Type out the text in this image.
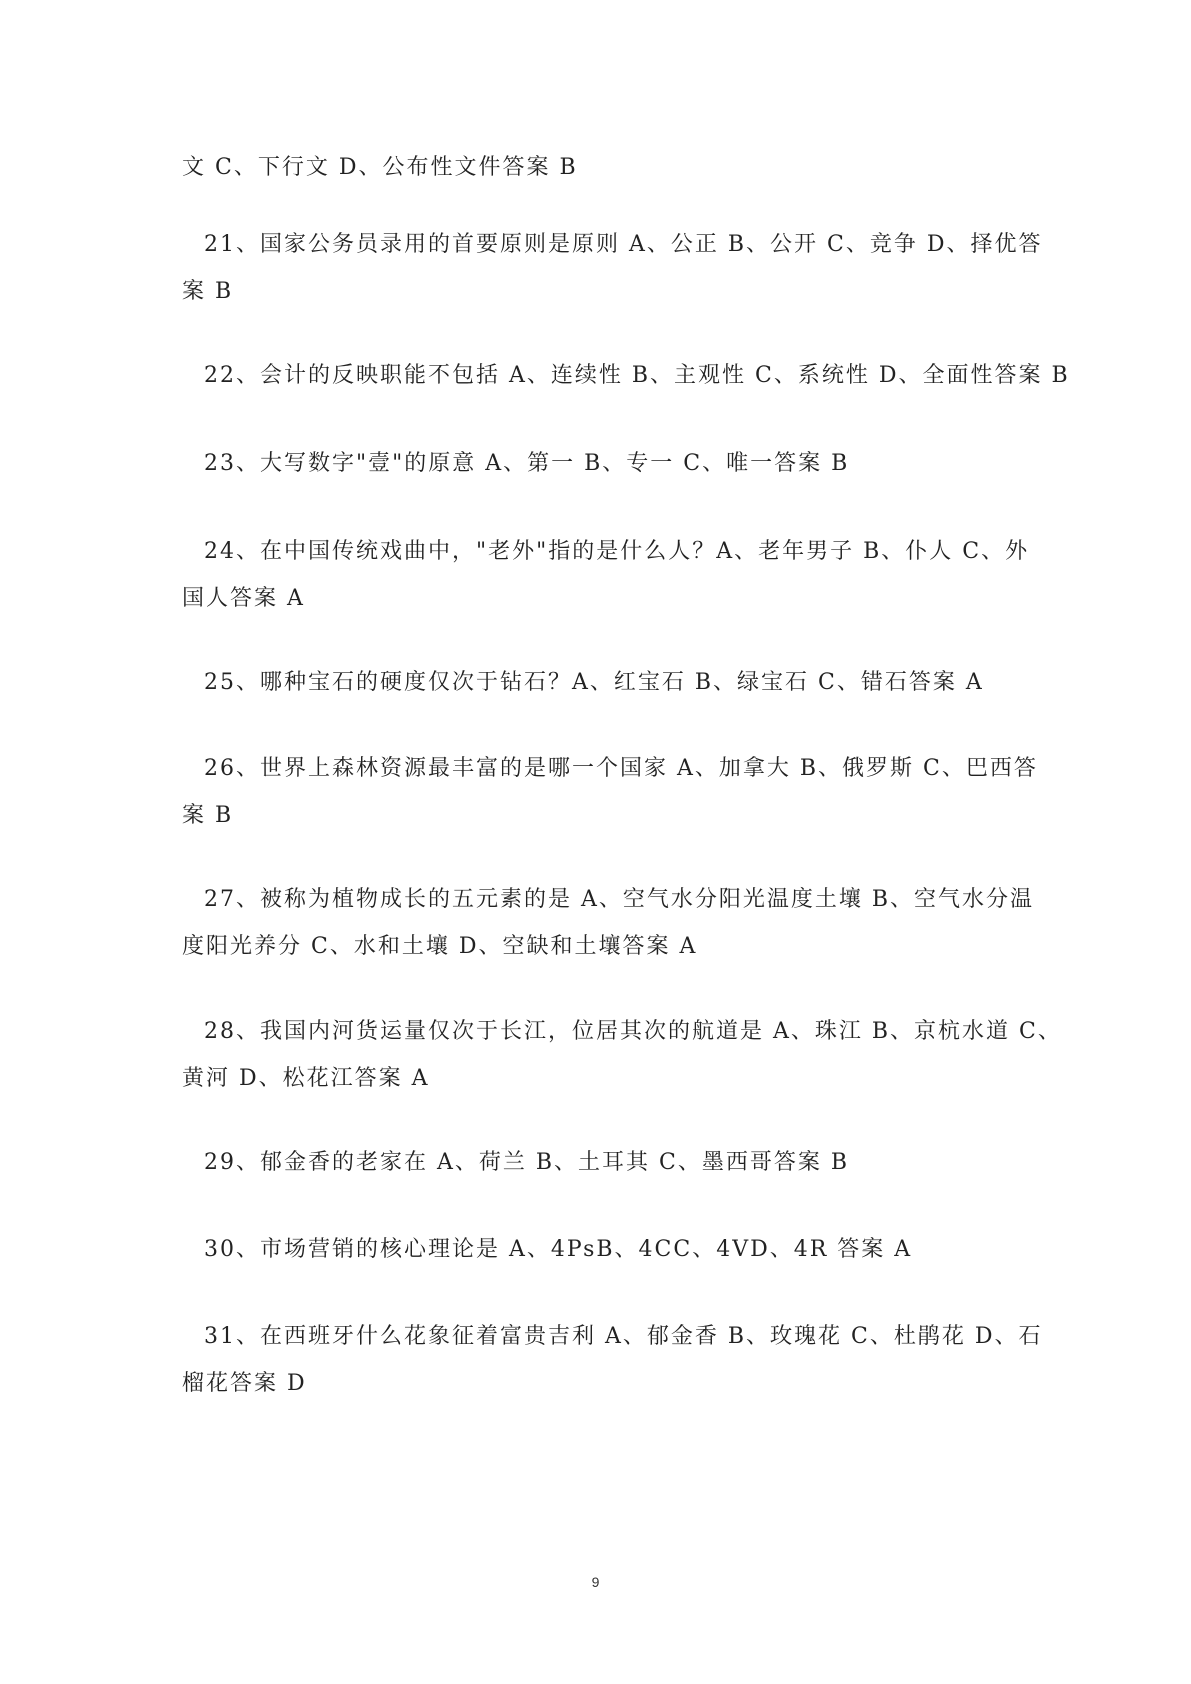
文 C、下行文 D、公布性文件答案 B
21、国家公务员录用的首要原则是原则 A、公正 B、公开 C、竞争 D、择优答
案 B
22、会计的反映职能不包括 A、连续性 B、主观性 C、系统性 D、全面性答案 B
23、大写数字"壹"的原意 A、第一 B、专一 C、唯一答案 B
24、在中国传统戏曲中，"老外"指的是什么人？A、老年男子 B、仆人 C、外
国人答案 A
25、哪种宝石的硬度仅次于钻石？A、红宝石 B、绿宝石 C、错石答案 A
26、世界上森林资源最丰富的是哪一个国家 A、加拿大 B、俄罗斯 C、巴西答
案 B
27、被称为植物成长的五元素的是 A、空气水分阳光温度土壤 B、空气水分温
度阳光养分 C、水和土壤 D、空缺和土壤答案 A
28、我国内河货运量仅次于长江，位居其次的航道是 A、珠江 B、京杭水道 C、
黄河 D、松花江答案 A
29、郁金香的老家在 A、荷兰 B、土耳其 C、墨西哥答案 B
30、市场营销的核心理论是 A、4PsB、4CC、4VD、4R 答案 A
31、在西班牙什么花象征着富贵吉利 A、郁金香 B、玫瑰花 C、杜鹃花 D、石
榴花答案 D
9
